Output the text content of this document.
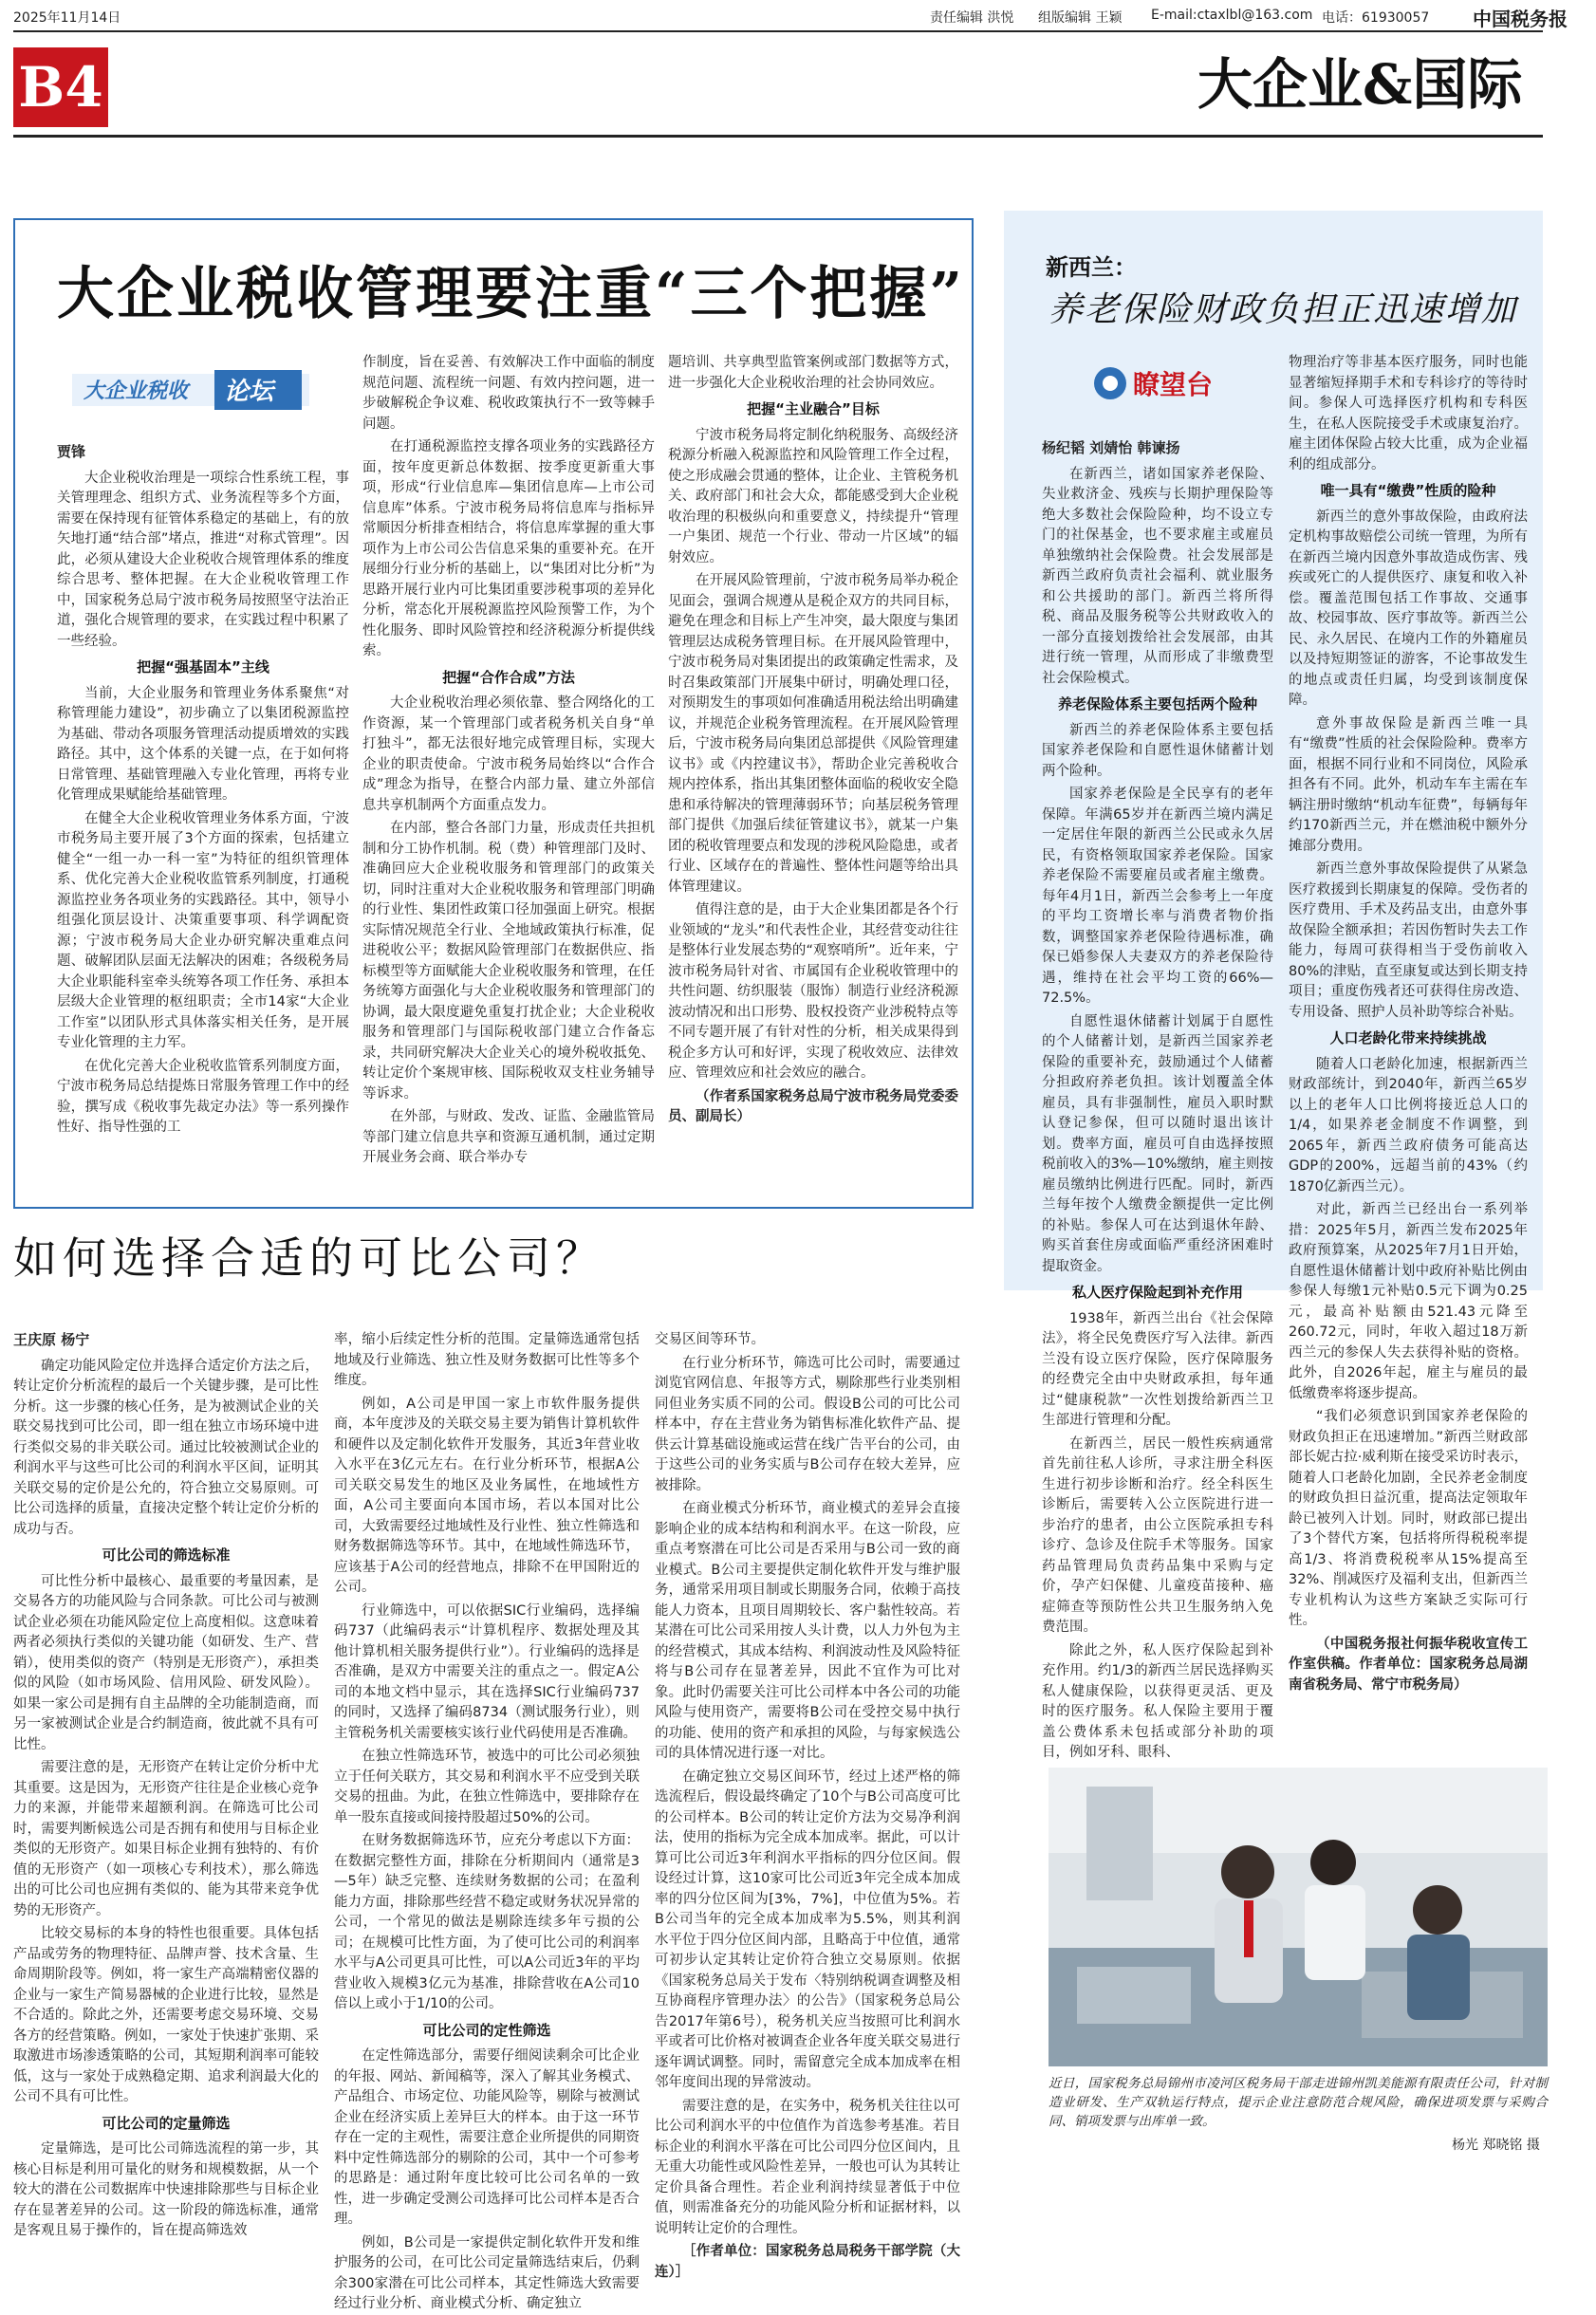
2025年11月14日	责任编辑 洪悦 组版编辑 王颖 E-mail:ctaxlbl@163.com 电话：61930057 中国税务报
B4	大企业&国际
大企业税收管理要注重“三个把握”
大企业税收 论坛

贾锋

大企业税收治理是一项综合性系统工程，事关管理理念、组织方式、业务流程等多个方面，需要在保持现有征管体系稳定的基础上，有的放矢地打通“结合部”堵点，推进“对称式管理”。因此，必须从建设大企业税收合规管理体系的维度综合思考、整体把握。在大企业税收管理工作中，国家税务总局宁波市税务局按照坚守法治正道，强化合规管理的要求，在实践过程中积累了一些经验。

把握“强基固本”主线

当前，大企业服务和管理业务体系聚焦“对称管理能力建设”，初步确立了以集团税源监控为基础、带动各项服务管理活动提质增效的实践路径。其中，这个体系的关键一点，在于如何将日常管理、基础管理融入专业化管理，再将专业化管理成果赋能给基础管理。

在健全大企业税收管理业务体系方面，宁波市税务局主要开展了3个方面的探索，包括建立健全“一组一办一科一室”为特征的组织管理体系、优化完善大企业税收监管系列制度，打通税源监控业务各项业务的实践路径。其中，领导小组强化顶层设计、决策重要事项、科学调配资源；宁波市税务局大企业办研究解决重难点问题、破解团队层面无法解决的困难；各级税务局大企业职能科室牵头统筹各项工作任务、承担本层级大企业管理的枢纽职责；全市14家“大企业工作室”以团队形式具体落实相关任务，是开展专业化管理的主力军。

在优化完善大企业税收监管系列制度方面，宁波市税务局总结提炼日常服务管理工作中的经验，撰写成《税收事先裁定办法》等一系列操作性好、指导性强的工

作制度，旨在妥善、有效解决工作中面临的制度规范问题、流程统一问题、有效内控问题，进一步破解税企争议难、税收政策执行不一致等棘手问题。

在打通税源监控支撑各项业务的实践路径方面，按年度更新总体数据、按季度更新重大事项，形成“行业信息库—集团信息库—上市公司信息库”体系。宁波市税务局将信息库与指标异常顺因分析排查相结合，将信息库掌握的重大事项作为上市公司公告信息采集的重要补充。在开展细分行业分析的基础上，以“集团对比分析”为思路开展行业内可比集团重要涉税事项的差异化分析，常态化开展税源监控风险预警工作，为个性化服务、即时风险管控和经济税源分析提供线索。

把握“合作合成”方法

大企业税收治理必须依靠、整合网络化的工作资源，某一个管理部门或者税务机关自身“单打独斗”，都无法很好地完成管理目标，实现大企业的职责使命。宁波市税务局始终以“合作合成”理念为指导，在整合内部力量、建立外部信息共享机制两个方面重点发力。

在内部，整合各部门力量，形成责任共担机制和分工协作机制。税（费）种管理部门及时、准确回应大企业税收服务和管理部门的政策关切，同时注重对大企业税收服务和管理部门明确的行业性、集团性政策口径加强面上研究。根据实际情况规范全行业、全地域政策执行标准，促进税收公平；数据风险管理部门在数据供应、指标模型等方面赋能大企业税收服务和管理，在任务统筹方面强化与大企业税收服务和管理部门的协调，最大限度避免重复打扰企业；大企业税收服务和管理部门与国际税收部门建立合作备忘录，共同研究解决大企业关心的境外税收抵免、转让定价个案规审核、国际税收双支柱业务辅导等诉求。

在外部，与财政、发改、证监、金融监管局等部门建立信息共享和资源互通机制，通过定期开展业务会商、联合举办专

题培训、共享典型监管案例或部门数据等方式，进一步强化大企业税收治理的社会协同效应。

把握“主业融合”目标

宁波市税务局将定制化纳税服务、高级经济税源分析融入税源监控和风险管理工作全过程，使之形成融会贯通的整体，让企业、主管税务机关、政府部门和社会大众，都能感受到大企业税收治理的积极纵向和重要意义，持续提升“管理一户集团、规范一个行业、带动一片区域”的辐射效应。

在开展风险管理前，宁波市税务局举办税企见面会，强调合规遵从是税企双方的共同目标，避免在理念和目标上产生冲突，最大限度与集团管理层达成税务管理目标。在开展风险管理中，宁波市税务局对集团提出的政策确定性需求，及时召集政策部门开展集中研讨，明确处理口径，对预期发生的事项如何准确适用税法给出明确建议，并规范企业税务管理流程。在开展风险管理后，宁波市税务局向集团总部提供《风险管理建议书》或《内控建议书》，帮助企业完善税收合规内控体系，指出其集团整体面临的税收安全隐患和承待解决的管理薄弱环节；向基层税务管理部门提供《加强后续征管建议书》，就某一户集团的税收管理要点和发现的涉税风险隐患，或者行业、区域存在的普遍性、整体性问题等给出具体管理建议。

值得注意的是，由于大企业集团都是各个行业领域的“龙头”和代表性企业，其经营变动往往是整体行业发展态势的“观察哨所”。近年来，宁波市税务局针对省、市属国有企业税收管理中的共性问题、纺织服装（服饰）制造行业经济税源波动情况和出口形势、股权投资产业涉税特点等不同专题开展了有针对性的分析，相关成果得到税企多方认可和好评，实现了税收效应、法律效应、管理效应和社会效应的融合。

（作者系国家税务总局宁波市税务局党委委员、副局长）

新西兰：
养老保险财政负担正迅速增加
瞭望台

杨纪韬 刘婧怡 韩谏扬

在新西兰，诸如国家养老保险、失业救济金、残疾与长期护理保险等绝大多数社会保险险种，均不设立专门的社保基金，也不要求雇主或雇员单独缴纳社会保险费。社会发展部是新西兰政府负责社会福利、就业服务和公共援助的部门。新西兰将所得税、商品及服务税等公共财政收入的一部分直接划拨给社会发展部，由其进行统一管理，从而形成了非缴费型社会保险模式。

养老保险体系主要包括两个险种

新西兰的养老保险体系主要包括国家养老保险和自愿性退休储蓄计划两个险种。

国家养老保险是全民享有的老年保障。年满65岁并在新西兰境内满足一定居住年限的新西兰公民或永久居民，有资格领取国家养老保险。国家养老保险不需要雇员或者雇主缴费。每年4月1日，新西兰会参考上一年度的平均工资增长率与消费者物价指数，调整国家养老保险待遇标准，确保已婚参保人夫妻双方的养老保险待遇，维持在社会平均工资的66%—72.5%。

自愿性退休储蓄计划属于自愿性的个人储蓄计划，是新西兰国家养老保险的重要补充，鼓励通过个人储蓄分担政府养老负担。该计划覆盖全体雇员，具有非强制性，雇员入职时默认登记参保，但可以随时退出该计划。费率方面，雇员可自由选择按照税前收入的3%—10%缴纳，雇主则按雇员缴纳比例进行匹配。同时，新西兰每年按个人缴费金额提供一定比例的补贴。参保人可在达到退休年龄、购买首套住房或面临严重经济困难时提取资金。

私人医疗保险起到补充作用

1938年，新西兰出台《社会保障法》，将全民免费医疗写入法律。新西兰没有设立医疗保险，医疗保障服务的经费完全由中央财政承担，每年通过“健康税款”一次性划拨给新西兰卫生部进行管理和分配。

在新西兰，居民一般性疾病通常首先前往私人诊所，寻求注册全科医生进行初步诊断和治疗。经全科医生诊断后，需要转入公立医院进行进一步治疗的患者，由公立医院承担专科诊疗、急诊及住院手术等服务。国家药品管理局负责药品集中采购与定价，孕产妇保健、儿童疫苗接种、癌症筛查等预防性公共卫生服务纳入免费范围。

除此之外，私人医疗保险起到补充作用。约1/3的新西兰居民选择购买私人健康保险，以获得更灵活、更及时的医疗服务。私人保险主要用于覆盖公费体系未包括或部分补助的项目，例如牙科、眼科、

物理治疗等非基本医疗服务，同时也能显著缩短择期手术和专科诊疗的等待时间。参保人可选择医疗机构和专科医生，在私人医院接受手术或康复治疗。雇主团体保险占较大比重，成为企业福利的组成部分。

唯一具有“缴费”性质的险种

新西兰的意外事故保险，由政府法定机构事故赔偿公司统一管理，为所有在新西兰境内因意外事故造成伤害、残疾或死亡的人提供医疗、康复和收入补偿。覆盖范围包括工作事故、交通事故、校园事故、医疗事故等。新西兰公民、永久居民、在境内工作的外籍雇员以及持短期签证的游客，不论事故发生的地点或责任归属，均受到该制度保障。

意外事故保险是新西兰唯一具有“缴费”性质的社会保险险种。费率方面，根据不同行业和不同岗位，风险承担各有不同。此外，机动车车主需在车辆注册时缴纳“机动车征费”，每辆每年约170新西兰元，并在燃油税中额外分摊部分费用。

新西兰意外事故保险提供了从紧急医疗救援到长期康复的保障。受伤者的医疗费用、手术及药品支出，由意外事故保险全额承担；若因伤暂时失去工作能力，每周可获得相当于受伤前收入80%的津贴，直至康复或达到长期支持项目；重度伤残者还可获得住房改造、专用设备、照护人员补助等综合补贴。

人口老龄化带来持续挑战

随着人口老龄化加速，根据新西兰财政部统计，到2040年，新西兰65岁以上的老年人口比例将接近总人口的1/4，如果养老金制度不作调整，到2065年，新西兰政府债务可能高达GDP的200%，远超当前的43%（约1870亿新西兰元）。

对此，新西兰已经出台一系列举措：2025年5月，新西兰发布2025年政府预算案，从2025年7月1日开始，自愿性退休储蓄计划中政府补贴比例由参保人每缴1元补贴0.5元下调为0.25元，最高补贴额由521.43元降至260.72元，同时，年收入超过18万新西兰元的参保人失去获得补贴的资格。此外，自2026年起，雇主与雇员的最低缴费率将逐步提高。

“我们必须意识到国家养老保险的财政负担正在迅速增加。”新西兰财政部部长妮古拉·威利斯在接受采访时表示，随着人口老龄化加剧，全民养老金制度的财政负担日益沉重，提高法定领取年龄已被列入计划。同时，财政部已提出了3个替代方案，包括将所得税税率提高1/3、将消费税税率从15%提高至32%、削减医疗及福利支出，但新西兰专业机构认为这些方案缺乏实际可行性。

（中国税务报社何振华税收宣传工作室供稿。作者单位：国家税务总局湖南省税务局、常宁市税务局）

如何选择合适的可比公司？

王庆原 杨宁

确定功能风险定位并选择合适定价方法之后，转让定价分析流程的最后一个关键步骤，是可比性分析。这一步骤的核心任务，是为被测试企业的关联交易找到可比公司，即一组在独立市场环境中进行类似交易的非关联公司。通过比较被测试企业的利润水平与这些可比公司的利润水平区间，证明其关联交易的定价是公允的，符合独立交易原则。可比公司选择的质量，直接决定整个转让定价分析的成功与否。

可比公司的筛选标准

可比性分析中最核心、最重要的考量因素，是交易各方的功能风险与合同条款。可比公司与被测试企业必须在功能风险定位上高度相似。这意味着两者必须执行类似的关键功能（如研发、生产、营销），使用类似的资产（特别是无形资产），承担类似的风险（如市场风险、信用风险、研发风险）。如果一家公司是拥有自主品牌的全功能制造商，而另一家被测试企业是合约制造商，彼此就不具有可比性。

需要注意的是，无形资产在转让定价分析中尤其重要。这是因为，无形资产往往是企业核心竞争力的来源，并能带来超额利润。在筛选可比公司时，需要判断候选公司是否拥有和使用与目标企业类似的无形资产。如果目标企业拥有独特的、有价值的无形资产（如一项核心专利技术），那么筛选出的可比公司也应拥有类似的、能为其带来竞争优势的无形资产。

比较交易标的本身的特性也很重要。具体包括产品或劳务的物理特征、品牌声誉、技术含量、生命周期阶段等。例如，将一家生产高端精密仪器的企业与一家生产简易器械的企业进行比较，显然是不合适的。除此之外，还需要考虑交易环境、交易各方的经营策略。例如，一家处于快速扩张期、采取激进市场渗透策略的公司，其短期利润率可能较低，这与一家处于成熟稳定期、追求利润最大化的公司不具有可比性。

可比公司的定量筛选

定量筛选，是可比公司筛选流程的第一步，其核心目标是利用可量化的财务和规模数据，从一个较大的潜在公司数据库中快速排除那些与目标企业存在显著差异的公司。这一阶段的筛选标准，通常是客观且易于操作的，旨在提高筛选效

率，缩小后续定性分析的范围。定量筛选通常包括地域及行业筛选、独立性及财务数据可比性等多个维度。

例如，A公司是甲国一家上市软件服务提供商，本年度涉及的关联交易主要为销售计算机软件和硬件以及定制化软件开发服务，其近3年营业收入水平在3亿元左右。在行业分析环节，根据A公司关联交易发生的地区及业务属性，在地域性方面，A公司主要面向本国市场，若以本国对比公司，大致需要经过地域性及行业性、独立性筛选和财务数据筛选等环节。其中，在地域性筛选环节，应该基于A公司的经营地点，排除不在甲国附近的公司。

行业筛选中，可以依据SIC行业编码，选择编码737（此编码表示“计算机程序、数据处理及其他计算机相关服务提供行业”）。行业编码的选择是否准确，是双方中需要关注的重点之一。假定A公司的本地文档中显示，其在选择SIC行业编码737的同时，又选择了编码8734（测试服务行业），则主管税务机关需要核实该行业代码使用是否准确。

在独立性筛选环节，被选中的可比公司必须独立于任何关联方，其交易和利润水平不应受到关联交易的扭曲。为此，在独立性筛选中，要排除存在单一股东直接或间接持股超过50%的公司。

在财务数据筛选环节，应充分考虑以下方面：在数据完整性方面，排除在分析期间内（通常是3—5年）缺乏完整、连续财务数据的公司；在盈利能力方面，排除那些经营不稳定或财务状况异常的公司，一个常见的做法是剔除连续多年亏损的公司；在规模可比性方面，为了使可比公司的利润率水平与A公司更具可比性，可以A公司近3年的平均营业收入规模3亿元为基准，排除营收在A公司10倍以上或小于1/10的公司。

可比公司的定性筛选

在定性筛选部分，需要仔细阅读剩余可比企业的年报、网站、新闻稿等，深入了解其业务模式、产品组合、市场定位、功能风险等，剔除与被测试企业在经济实质上差异巨大的样本。由于这一环节存在一定的主观性，需要注意企业所提供的同期资料中定性筛选部分的剔除的公司，其中一个可参考的思路是：通过附年度比较可比公司名单的一致性，进一步确定受测公司选择可比公司样本是否合理。

例如，B公司是一家提供定制化软件开发和维护服务的公司，在可比公司定量筛选结束后，仍剩余300家潜在可比公司样本，其定性筛选大致需要经过行业分析、商业模式分析、确定独立

交易区间等环节。

在行业分析环节，筛选可比公司时，需要通过浏览官网信息、年报等方式，剔除那些行业类别相同但业务实质不同的公司。假设B公司的可比公司样本中，存在主营业务为销售标准化软件产品、提供云计算基础设施或运营在线广告平台的公司，由于这些公司的业务实质与B公司存在较大差异，应被排除。

在商业模式分析环节，商业模式的差异会直接影响企业的成本结构和利润水平。在这一阶段，应重点考察潜在可比公司是否采用与B公司一致的商业模式。B公司主要提供定制化软件开发与维护服务，通常采用项目制或长期服务合同，依赖于高技能人力资本，且项目周期较长、客户黏性较高。若某潜在可比公司采用按人头计费，以人力外包为主的经营模式，其成本结构、利润波动性及风险特征将与B公司存在显著差异，因此不宜作为可比对象。此时仍需要关注可比公司样本中各公司的功能风险与使用资产，需要将B公司在受控交易中执行的功能、使用的资产和承担的风险，与每家候选公司的具体情况进行逐一对比。

在确定独立交易区间环节，经过上述严格的筛选流程后，假设最终确定了10个与B公司高度可比的公司样本。B公司的转让定价方法为交易净利润法，使用的指标为完全成本加成率。据此，可以计算可比公司近3年利润水平指标的四分位区间。假设经过计算，这10家可比公司近3年完全成本加成率的四分位区间为[3%，7%]，中位值为5%。若B公司当年的完全成本加成率为5.5%，则其利润水平位于四分位区间内部，且略高于中位值，通常可初步认定其转让定价符合独立交易原则。依据《国家税务总局关于发布〈特别纳税调查调整及相互协商程序管理办法〉的公告》（国家税务总局公告2017年第6号），税务机关应当按照可比利润水平或者可比价格对被调查企业各年度关联交易进行逐年调试调整。同时，需留意完全成本加成率在相邻年度间出现的异常波动。

需要注意的是，在实务中，税务机关往往以可比公司利润水平的中位值作为首选参考基准。若目标企业的利润水平落在可比公司四分位区间内，且无重大功能性或风险性差异，一般也可认为其转让定价具备合理性。若企业利润持续显著低于中位值，则需准备充分的功能风险分析和证据材料，以说明转让定价的合理性。

［作者单位：国家税务总局税务干部学院（大连）］

近日，国家税务总局锦州市凌河区税务局干部走进锦州凯美能源有限责任公司，针对制造业研发、生产双轨运行特点，提示企业注意防范合规风险，确保进项发票与采购合同、销项发票与出库单一致。
杨光 郑晓铭 摄
